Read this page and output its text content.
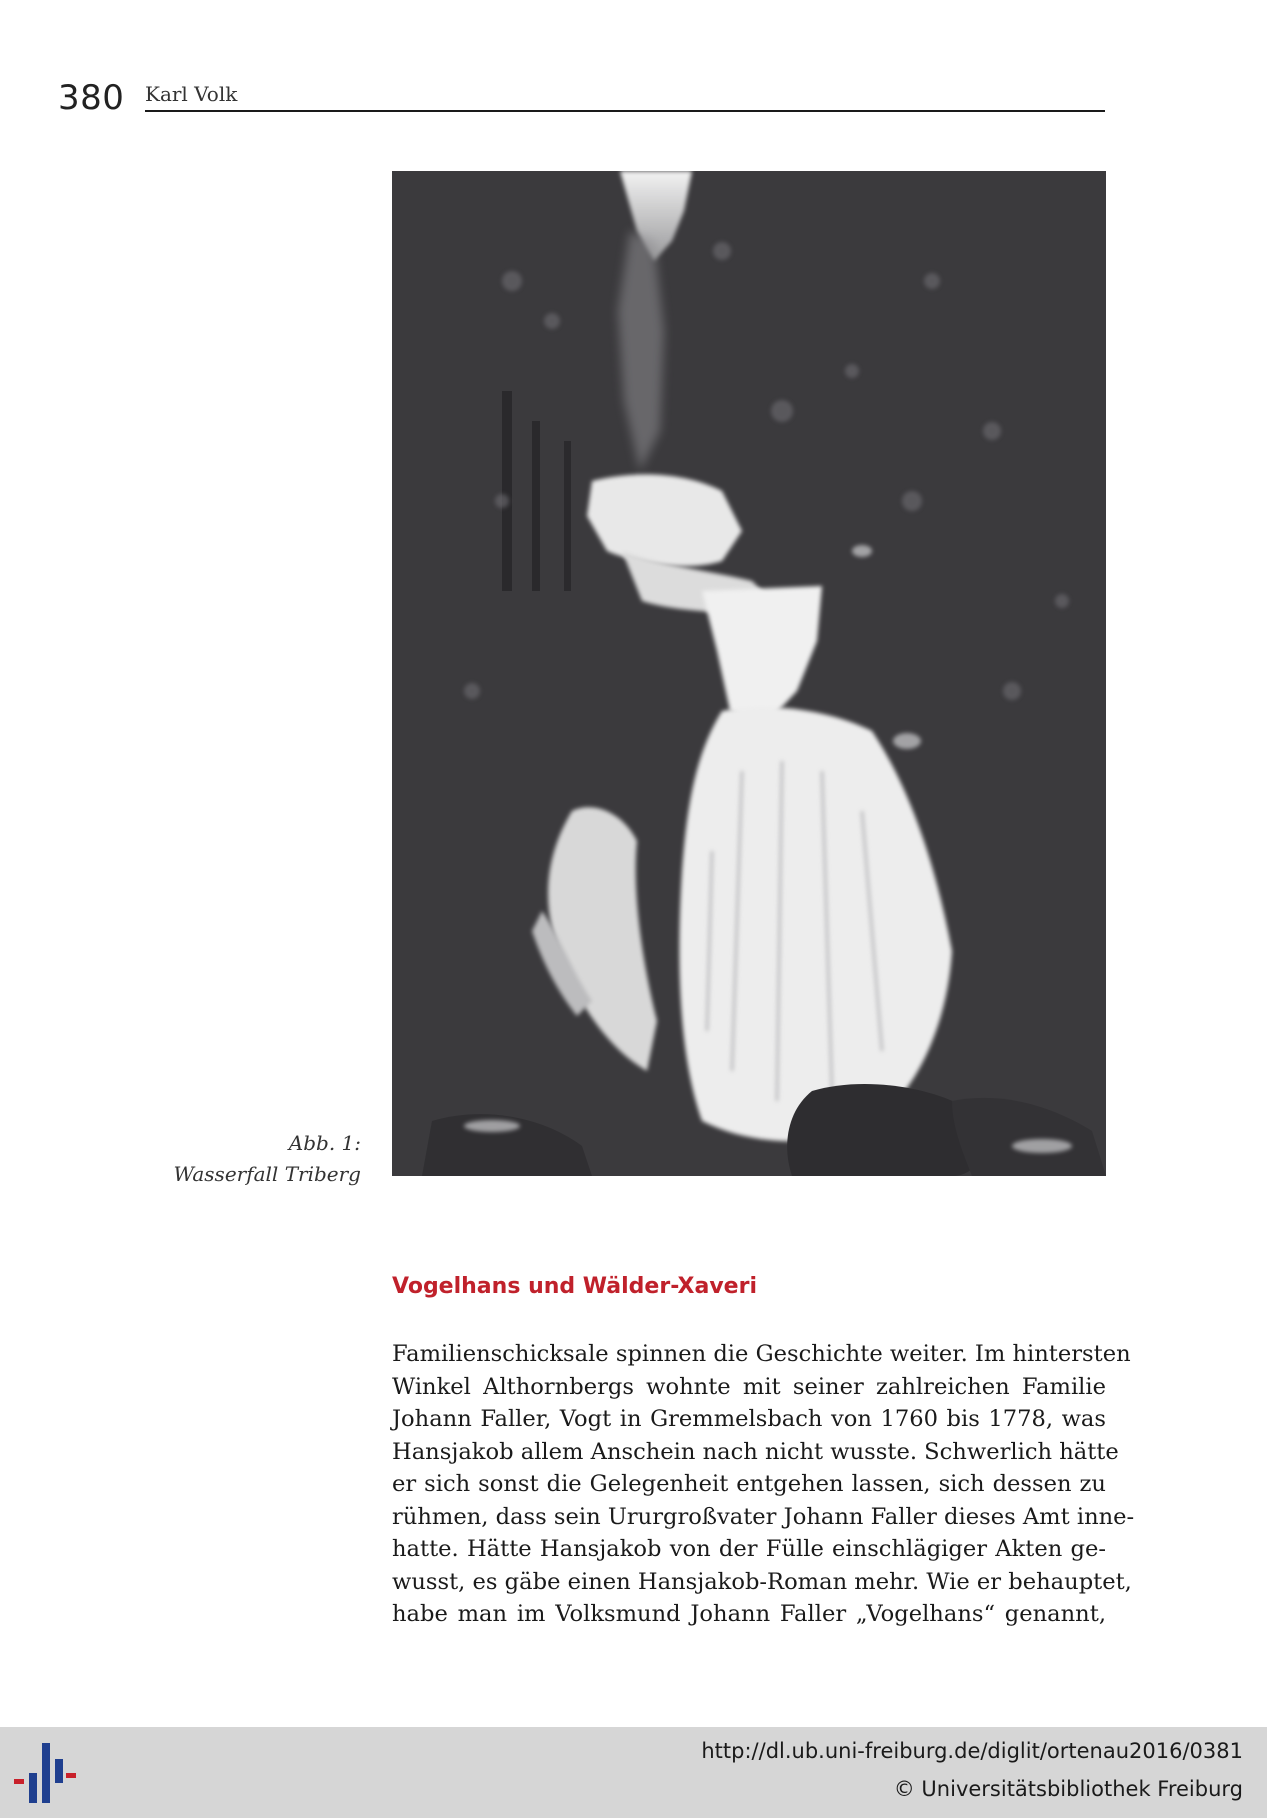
380 Karl Volk
Abb. 1:
Wasserfall Triberg
Vogelhans und Wälder-Xaveri
Familienschicksale spinnen die Geschichte weiter. Im hintersten
Winkel Althornbergs wohnte mit seiner zahlreichen Familie
Johann Faller, Vogt in Gremmelsbach von 1760 bis 1778, was
Hansjakob allem Anschein nach nicht wusste. Schwerlich hätte
er sich sonst die Gelegenheit entgehen lassen, sich dessen zu
rühmen, dass sein Ururgroßvater Johann Faller dieses Amt inne-
hatte. Hätte Hansjakob von der Fülle einschlägiger Akten ge-
wusst, es gäbe einen Hansjakob-Roman mehr. Wie er behauptet,
habe man im Volksmund Johann Faller „Vogelhans“ genannt,
http://dl.ub.uni-freiburg.de/diglit/ortenau2016/0381
© Universitätsbibliothek Freiburg
